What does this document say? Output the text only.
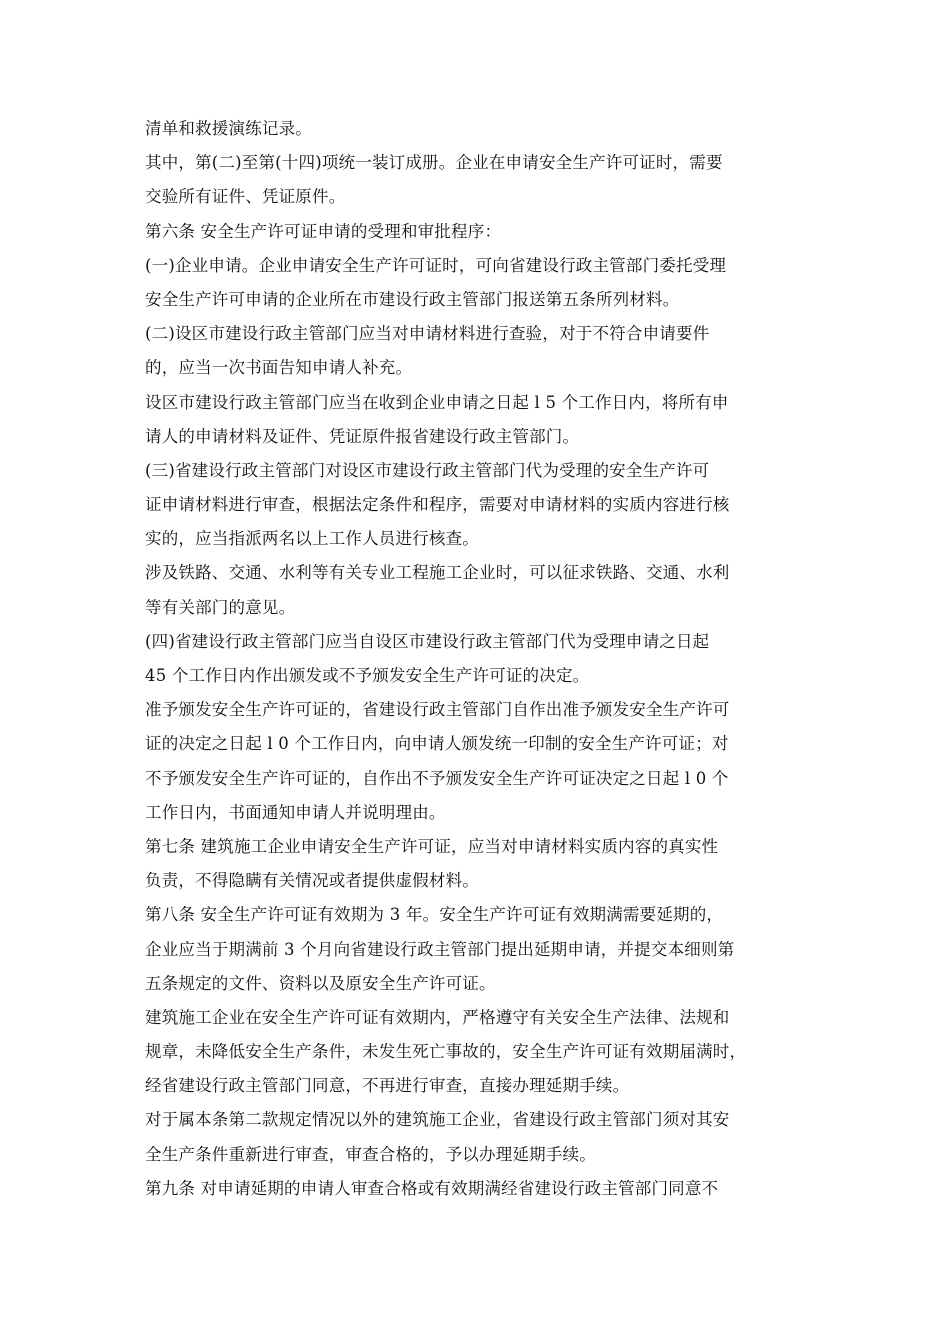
清单和救援演练记录。
其中，第(二)至第(十四)项统一装订成册。企业在申请安全生产许可证时，需要
交验所有证件、凭证原件。
第六条 安全生产许可证申请的受理和审批程序：
(一)企业申请。企业申请安全生产许可证时，可向省建设行政主管部门委托受理
安全生产许可申请的企业所在市建设行政主管部门报送第五条所列材料。
(二)设区市建设行政主管部门应当对申请材料进行查验，对于不符合申请要件
的，应当一次书面告知申请人补充。
设区市建设行政主管部门应当在收到企业申请之日起 l 5 个工作日内，将所有申
请人的申请材料及证件、凭证原件报省建设行政主管部门。
(三)省建设行政主管部门对设区市建设行政主管部门代为受理的安全生产许可
证申请材料进行审查，根据法定条件和程序，需要对申请材料的实质内容进行核
实的，应当指派两名以上工作人员进行核查。
涉及铁路、交通、水利等有关专业工程施工企业时，可以征求铁路、交通、水利
等有关部门的意见。
(四)省建设行政主管部门应当自设区市建设行政主管部门代为受理申请之日起
45 个工作日内作出颁发或不予颁发安全生产许可证的决定。
准予颁发安全生产许可证的，省建设行政主管部门自作出准予颁发安全生产许可
证的决定之日起 l 0 个工作日内，向申请人颁发统一印制的安全生产许可证；对
不予颁发安全生产许可证的，自作出不予颁发安全生产许可证决定之日起 l 0 个
工作日内，书面通知申请人并说明理由。
第七条 建筑施工企业申请安全生产许可证，应当对申请材料实质内容的真实性
负责，不得隐瞒有关情况或者提供虚假材料。
第八条 安全生产许可证有效期为 3 年。安全生产许可证有效期满需要延期的，
企业应当于期满前 3 个月向省建设行政主管部门提出延期申请，并提交本细则第
五条规定的文件、资料以及原安全生产许可证。
建筑施工企业在安全生产许可证有效期内，严格遵守有关安全生产法律、法规和
规章，未降低安全生产条件，未发生死亡事故的，安全生产许可证有效期届满时，
经省建设行政主管部门同意，不再进行审查，直接办理延期手续。
对于属本条第二款规定情况以外的建筑施工企业，省建设行政主管部门须对其安
全生产条件重新进行审查，审查合格的，予以办理延期手续。
第九条 对申请延期的申请人审查合格或有效期满经省建设行政主管部门同意不
